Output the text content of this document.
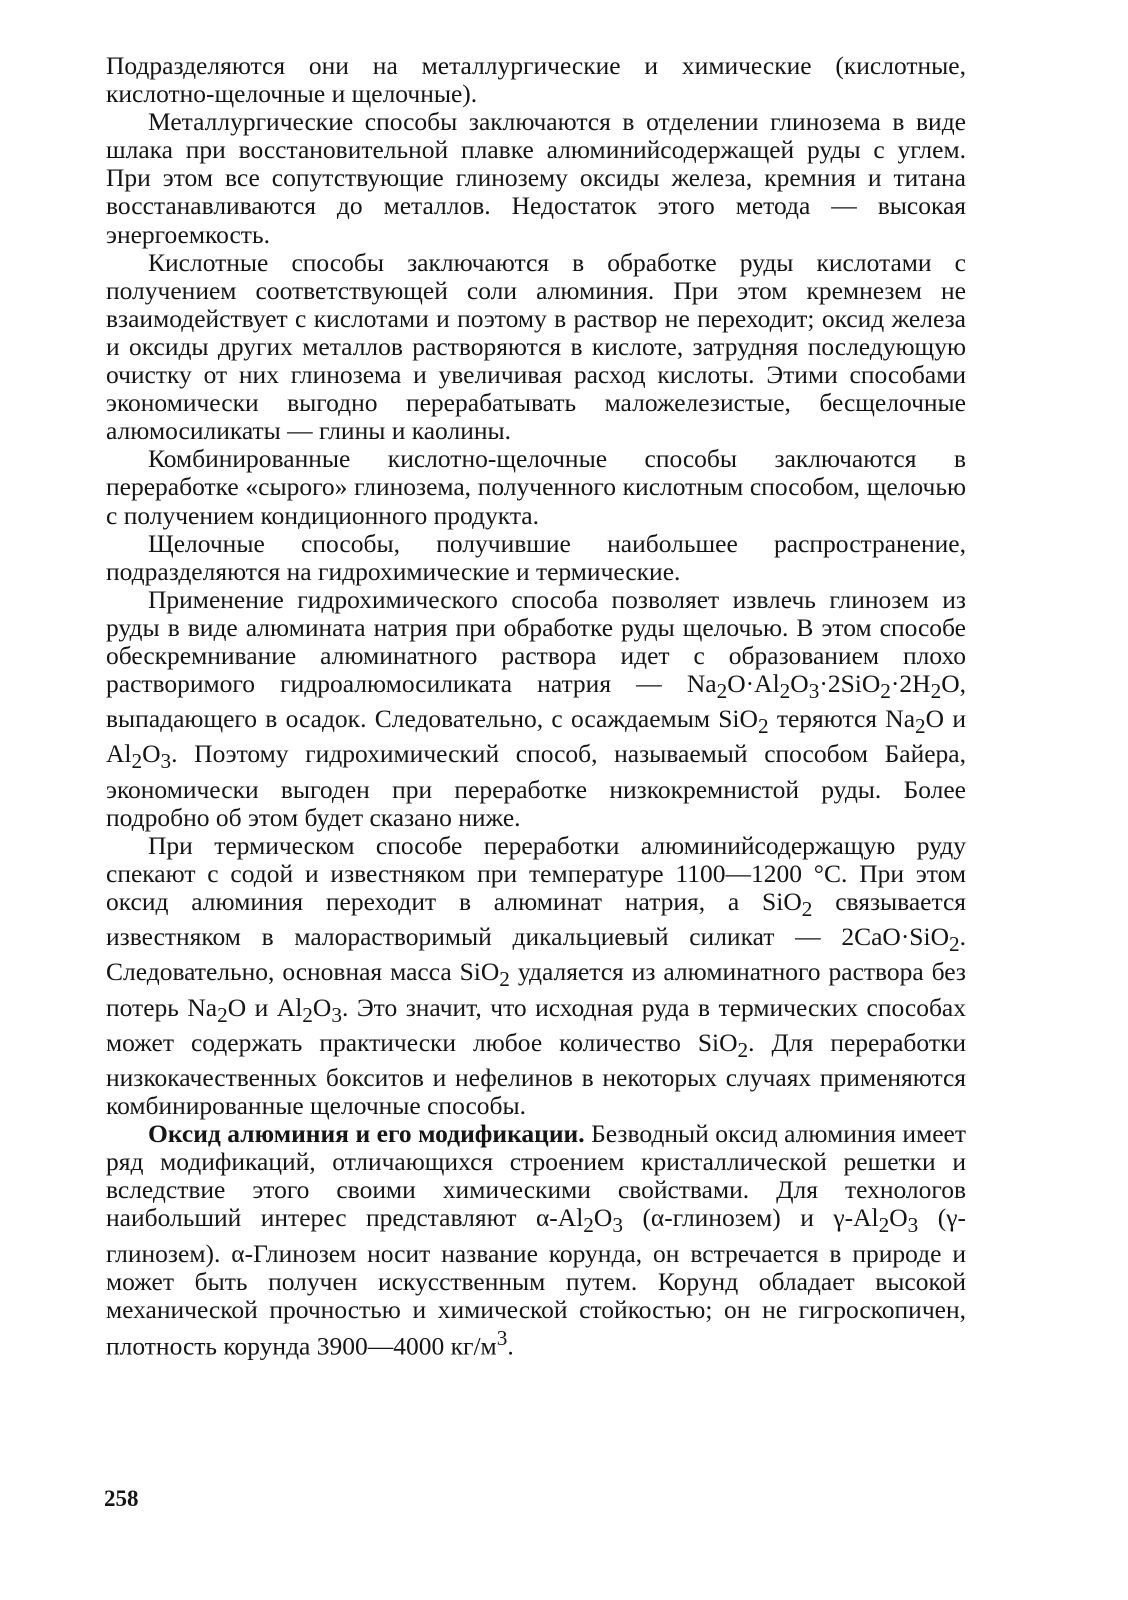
Подразделяются они на металлургические и химические (кислотные, кислотно-щелочные и щелочные).

Металлургические способы заключаются в отделении глинозема в виде шлака при восстановительной плавке алюминийсодержащей руды с углем. При этом все сопутствующие глинозему оксиды железа, кремния и титана восстанавливаются до металлов. Недостаток этого метода — высокая энергоемкость.

Кислотные способы заключаются в обработке руды кислотами с получением соответствующей соли алюминия. При этом кремнезем не взаимодействует с кислотами и поэтому в раствор не переходит; оксид железа и оксиды других металлов растворяются в кислоте, затрудняя последующую очистку от них глинозема и увеличивая расход кислоты. Этими способами экономически выгодно перерабатывать маложелезистые, бесщелочные алюмосиликаты — глины и каолины.

Комбинированные кислотно-щелочные способы заключаются в переработке «сырого» глинозема, полученного кислотным способом, щелочью с получением кондиционного продукта.

Щелочные способы, получившие наибольшее распространение, подразделяются на гидрохимические и термические.

Применение гидрохимического способа позволяет извлечь глинозем из руды в виде алюмината натрия при обработке руды щелочью. В этом способе обескремнивание алюминатного раствора идет с образованием плохо растворимого гидроалюмосиликата натрия — $Na_2O\cdot Al_2O_3\cdot 2SiO_2\cdot 2H_2O$, выпадающего в осадок. Следовательно, с осаждаемым SiO$_2$ теряются $Na_2O$ и $Al_2O_3$. Поэтому гидрохимический способ, называемый способом Байера, экономически выгоден при переработке низкокремнистой руды. Более подробно об этом будет сказано ниже.

При термическом способе переработки алюминийсодержащую руду спекают с содой и известняком при температуре 1100—1200 °С. При этом оксид алюминия переходит в алюминат натрия, а SiO$_2$ связывается известняком в малорастворимый дикальциевый силикат — 2CaO·SiO$_2$. Следовательно, основная масса SiO$_2$ удаляется из алюминатного раствора без потерь $Na_2O$ и $Al_2O_3$. Это значит, что исходная руда в термических способах может содержать практически любое количество SiO$_2$. Для переработки низкокачественных бокситов и нефелинов в некоторых случаях применяются комбинированные щелочные способы.

Оксид алюминия и его модификации. Безводный оксид алюминия имеет ряд модификаций, отличающихся строением кристаллической решетки и вследствие этого своими химическими свойствами. Для технологов наибольший интерес представляют $\alpha-Al_2O_3$ (α-глинозем) и $\gamma-Al_2O_3$ (γ-глинозем). α-Глинозем носит название корунда, он встречается в природе и может быть получен искусственным путем. Корунд обладает высокой механической прочностью и химической стойкостью; он не гигроскопичен, плотность корунда 3900—4000 $кг/м^3$.

258
